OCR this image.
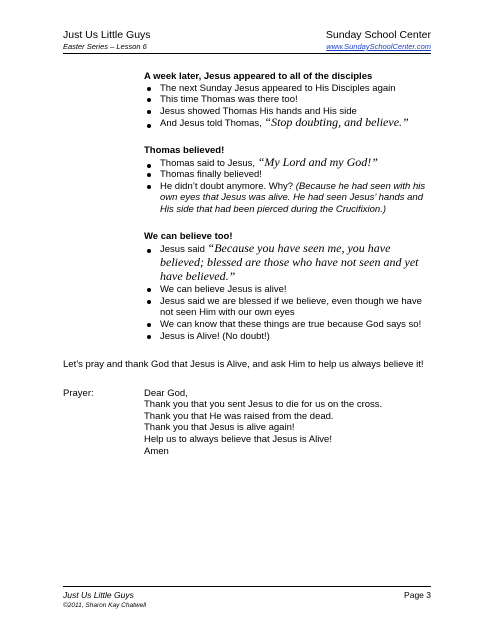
Just Us Little Guys	Sunday School Center
Easter Series – Lesson 6	www.SundaySchoolCenter.com
A week later, Jesus appeared to all of the disciples
The next Sunday Jesus appeared to His Disciples again
This time Thomas was there too!
Jesus showed Thomas His hands and His side
And Jesus told Thomas, “Stop doubting, and believe.”
Thomas believed!
Thomas said to Jesus, “My Lord and my God!”
Thomas finally believed!
He didn’t doubt anymore. Why? (Because he had seen with his own eyes that Jesus was alive. He had seen Jesus’ hands and His side that had been pierced during the Crucifixion.)
We can believe too!
Jesus said “Because you have seen me, you have believed; blessed are those who have not seen and yet have believed.”
We can believe Jesus is alive!
Jesus said we are blessed if we believe, even though we have not seen Him with our own eyes
We can know that these things are true because God says so!
Jesus is Alive! (No doubt!)
Let’s pray and thank God that Jesus is Alive, and ask Him to help us always believe it!
Prayer:	Dear God,
Thank you that you sent Jesus to die for us on the cross.
Thank you that He was raised from the dead.
Thank you that Jesus is alive again!
Help us to always believe that Jesus is Alive!
Amen
Just Us Little Guys	Page 3
©2011, Sharon Kay Chatwell
